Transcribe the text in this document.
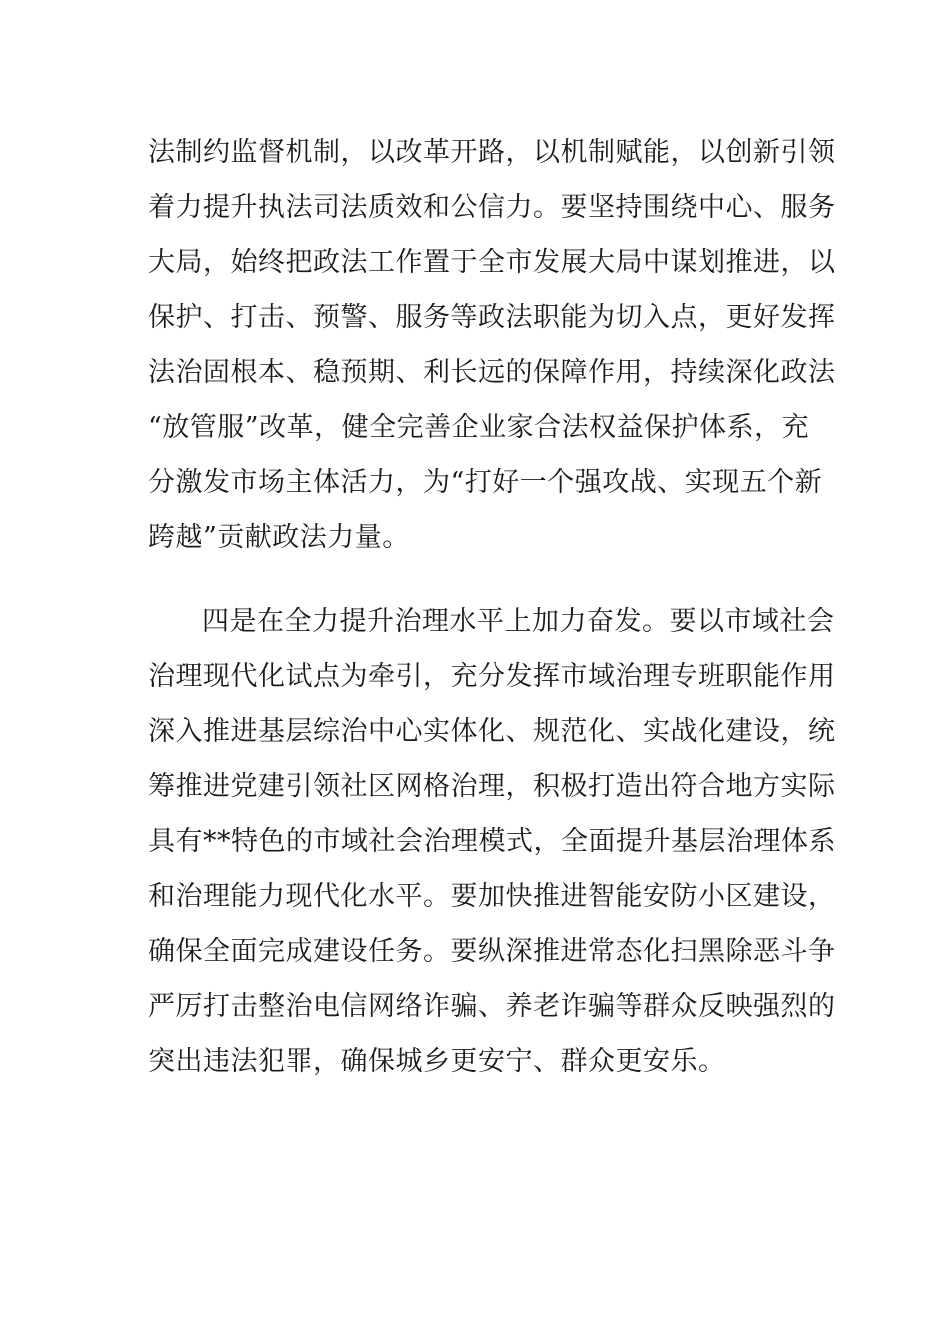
法制约监督机制，以改革开路，以机制赋能，以创新引领
着力提升执法司法质效和公信力。要坚持围绕中心、服务
大局，始终把政法工作置于全市发展大局中谋划推进，以
保护、打击、预警、服务等政法职能为切入点，更好发挥
法治固根本、稳预期、利长远的保障作用，持续深化政法
“放管服”改革，健全完善企业家合法权益保护体系，充
分激发市场主体活力，为“打好一个强攻战、实现五个新
跨越”贡献政法力量。
四是在全力提升治理水平上加力奋发。要以市域社会
治理现代化试点为牵引，充分发挥市域治理专班职能作用
深入推进基层综治中心实体化、规范化、实战化建设，统
筹推进党建引领社区网格治理，积极打造出符合地方实际
具有**特色的市域社会治理模式，全面提升基层治理体系
和治理能力现代化水平。要加快推进智能安防小区建设，
确保全面完成建设任务。要纵深推进常态化扫黑除恶斗争
严厉打击整治电信网络诈骗、养老诈骗等群众反映强烈的
突出违法犯罪，确保城乡更安宁、群众更安乐。
